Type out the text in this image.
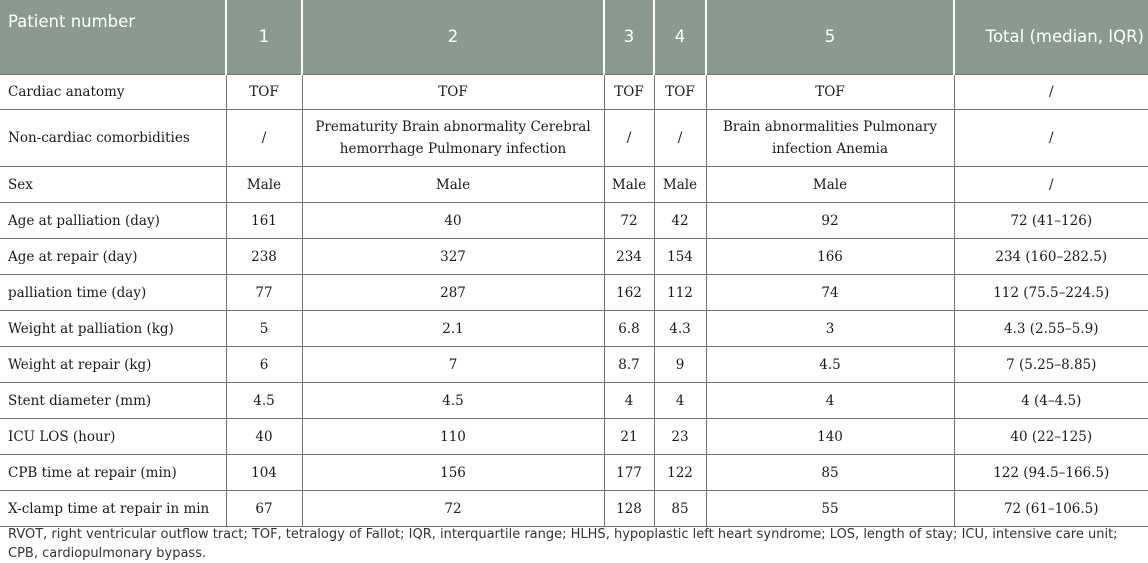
Patient number	1	2	3	4	5	Total (median, IQR)
Cardiac anatomy	TOF	TOF	TOF	TOF	TOF	/
Non-cardiac comorbidities	/	Prematurity Brain abnormality Cerebral hemorrhage Pulmonary infection	/	/	Brain abnormalities Pulmonary infection Anemia	/
Sex	Male	Male	Male	Male	Male	/
Age at palliation (day)	161	40	72	42	92	72 (41–126)
Age at repair (day)	238	327	234	154	166	234 (160–282.5)
palliation time (day)	77	287	162	112	74	112 (75.5–224.5)
Weight at palliation (kg)	5	2.1	6.8	4.3	3	4.3 (2.55–5.9)
Weight at repair (kg)	6	7	8.7	9	4.5	7 (5.25–8.85)
Stent diameter (mm)	4.5	4.5	4	4	4	4 (4–4.5)
ICU LOS (hour)	40	110	21	23	140	40 (22–125)
CPB time at repair (min)	104	156	177	122	85	122 (94.5–166.5)
X-clamp time at repair in min	67	72	128	85	55	72 (61–106.5)
RVOT, right ventricular outflow tract; TOF, tetralogy of Fallot; IQR, interquartile range; HLHS, hypoplastic left heart syndrome; LOS, length of stay; ICU, intensive care unit; CPB, cardiopulmonary bypass.
